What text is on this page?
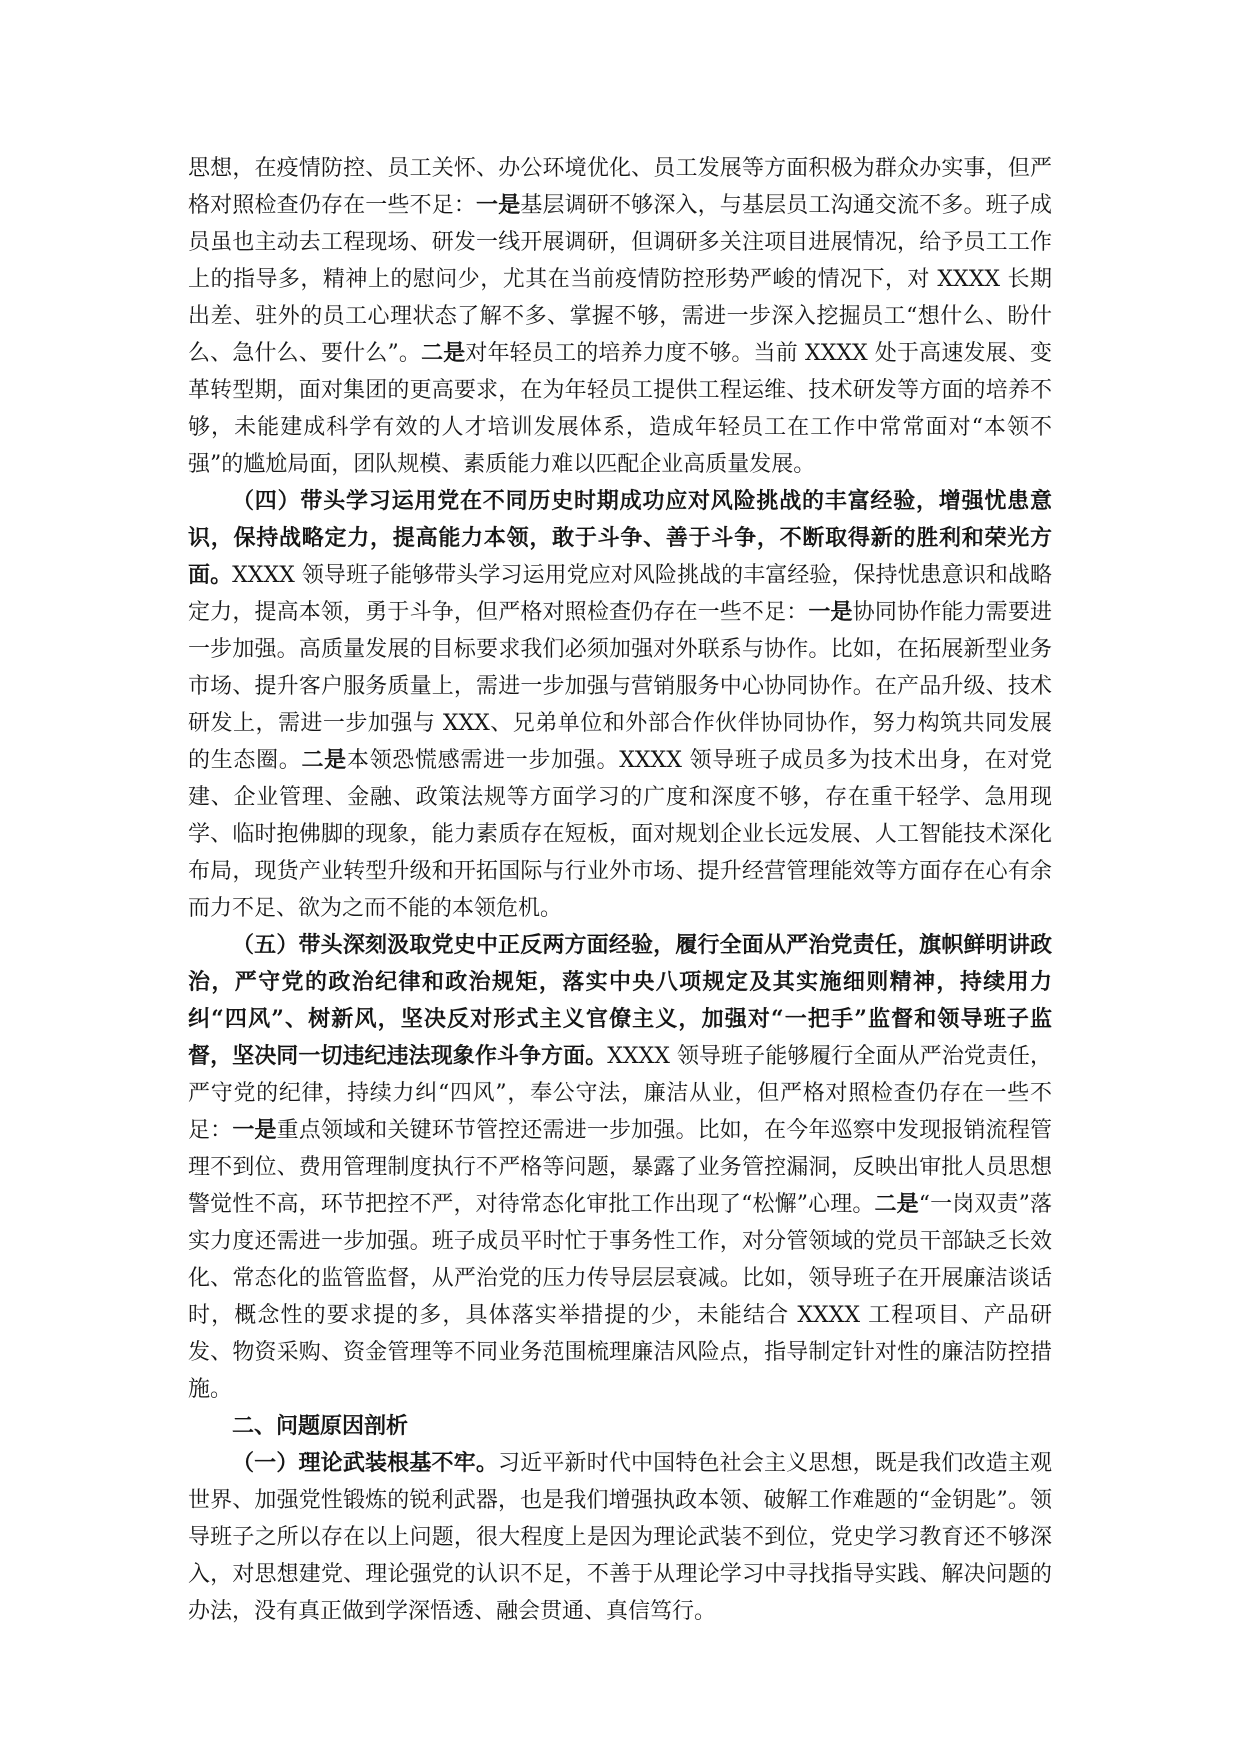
思想，在疫情防控、员工关怀、办公环境优化、员工发展等方面积极为群众办实事，但严格对照检查仍存在一些不足：一是基层调研不够深入，与基层员工沟通交流不多。班子成员虽也主动去工程现场、研发一线开展调研，但调研多关注项目进展情况，给予员工工作上的指导多，精神上的慰问少，尤其在当前疫情防控形势严峻的情况下，对 XXXX 长期出差、驻外的员工心理状态了解不多、掌握不够，需进一步深入挖掘员工“想什么、盼什么、急什么、要什么”。二是对年轻员工的培养力度不够。当前 XXXX 处于高速发展、变革转型期，面对集团的更高要求，在为年轻员工提供工程运维、技术研发等方面的培养不够，未能建成科学有效的人才培训发展体系，造成年轻员工在工作中常常面对“本领不强”的尴尬局面，团队规模、素质能力难以匹配企业高质量发展。

（四）带头学习运用党在不同历史时期成功应对风险挑战的丰富经验，增强忧患意识，保持战略定力，提高能力本领，敢于斗争、善于斗争，不断取得新的胜利和荣光方面。XXXX 领导班子能够带头学习运用党应对风险挑战的丰富经验，保持忧患意识和战略定力，提高本领，勇于斗争，但严格对照检查仍存在一些不足：一是协同协作能力需要进一步加强。高质量发展的目标要求我们必须加强对外联系与协作。比如，在拓展新型业务市场、提升客户服务质量上，需进一步加强与营销服务中心协同协作。在产品升级、技术研发上，需进一步加强与 XXX、兄弟单位和外部合作伙伴协同协作，努力构筑共同发展的生态圈。二是本领恐慌感需进一步加强。XXXX 领导班子成员多为技术出身，在对党建、企业管理、金融、政策法规等方面学习的广度和深度不够，存在重干轻学、急用现学、临时抱佛脚的现象，能力素质存在短板，面对规划企业长远发展、人工智能技术深化布局，现货产业转型升级和开拓国际与行业外市场、提升经营管理能效等方面存在心有余而力不足、欲为之而不能的本领危机。

（五）带头深刻汲取党史中正反两方面经验，履行全面从严治党责任，旗帜鲜明讲政治，严守党的政治纪律和政治规矩，落实中央八项规定及其实施细则精神，持续用力纠“四风”、树新风，坚决反对形式主义官僚主义，加强对“一把手”监督和领导班子监督，坚决同一切违纪违法现象作斗争方面。XXXX 领导班子能够履行全面从严治党责任，严守党的纪律，持续力纠“四风”，奉公守法，廉洁从业，但严格对照检查仍存在一些不足：一是重点领域和关键环节管控还需进一步加强。比如，在今年巡察中发现报销流程管理不到位、费用管理制度执行不严格等问题，暴露了业务管控漏洞，反映出审批人员思想警觉性不高，环节把控不严，对待常态化审批工作出现了“松懈”心理。二是“一岗双责”落实力度还需进一步加强。班子成员平时忙于事务性工作，对分管领域的党员干部缺乏长效化、常态化的监管监督，从严治党的压力传导层层衰减。比如，领导班子在开展廉洁谈话时，概念性的要求提的多，具体落实举措提的少，未能结合 XXXX 工程项目、产品研发、物资采购、资金管理等不同业务范围梳理廉洁风险点，指导制定针对性的廉洁防控措施。

二、问题原因剖析

（一）理论武装根基不牢。习近平新时代中国特色社会主义思想，既是我们改造主观世界、加强党性锻炼的锐利武器，也是我们增强执政本领、破解工作难题的“金钥匙”。领导班子之所以存在以上问题，很大程度上是因为理论武装不到位，党史学习教育还不够深入，对思想建党、理论强党的认识不足，不善于从理论学习中寻找指导实践、解决问题的办法，没有真正做到学深悟透、融会贯通、真信笃行。
